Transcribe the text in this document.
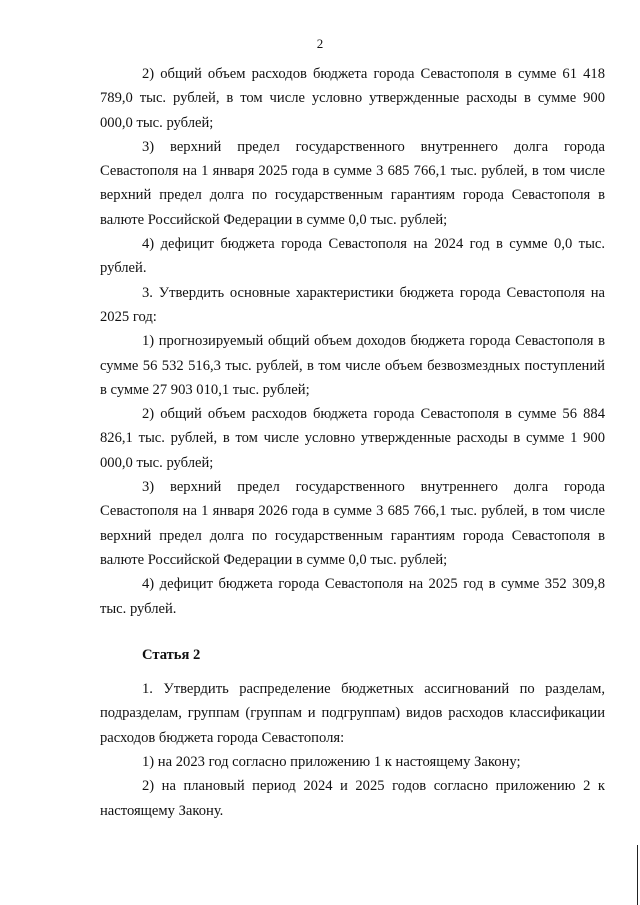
2

2) общий объем расходов бюджета города Севастополя в сумме 61 418 789,0 тыс. рублей, в том числе условно утвержденные расходы в сумме 900 000,0 тыс. рублей;

3) верхний предел государственного внутреннего долга города Севастополя на 1 января 2025 года в сумме 3 685 766,1 тыс. рублей, в том числе верхний предел долга по государственным гарантиям города Севастополя в валюте Российской Федерации в сумме 0,0 тыс. рублей;

4) дефицит бюджета города Севастополя на 2024 год в сумме 0,0 тыс. рублей.

3. Утвердить основные характеристики бюджета города Севастополя на 2025 год:

1) прогнозируемый общий объем доходов бюджета города Севастополя в сумме 56 532 516,3 тыс. рублей, в том числе объем безвозмездных поступлений в сумме 27 903 010,1 тыс. рублей;

2) общий объем расходов бюджета города Севастополя в сумме 56 884 826,1 тыс. рублей, в том числе условно утвержденные расходы в сумме 1 900 000,0 тыс. рублей;

3) верхний предел государственного внутреннего долга города Севастополя на 1 января 2026 года в сумме 3 685 766,1 тыс. рублей, в том числе верхний предел долга по государственным гарантиям города Севастополя в валюте Российской Федерации в сумме 0,0 тыс. рублей;

4) дефицит бюджета города Севастополя на 2025 год в сумме 352 309,8 тыс. рублей.

Статья 2

1. Утвердить распределение бюджетных ассигнований по разделам, подразделам, группам (группам и подгруппам) видов расходов классификации расходов бюджета города Севастополя:

1) на 2023 год согласно приложению 1 к настоящему Закону;

2) на плановый период 2024 и 2025 годов согласно приложению 2 к настоящему Закону.
